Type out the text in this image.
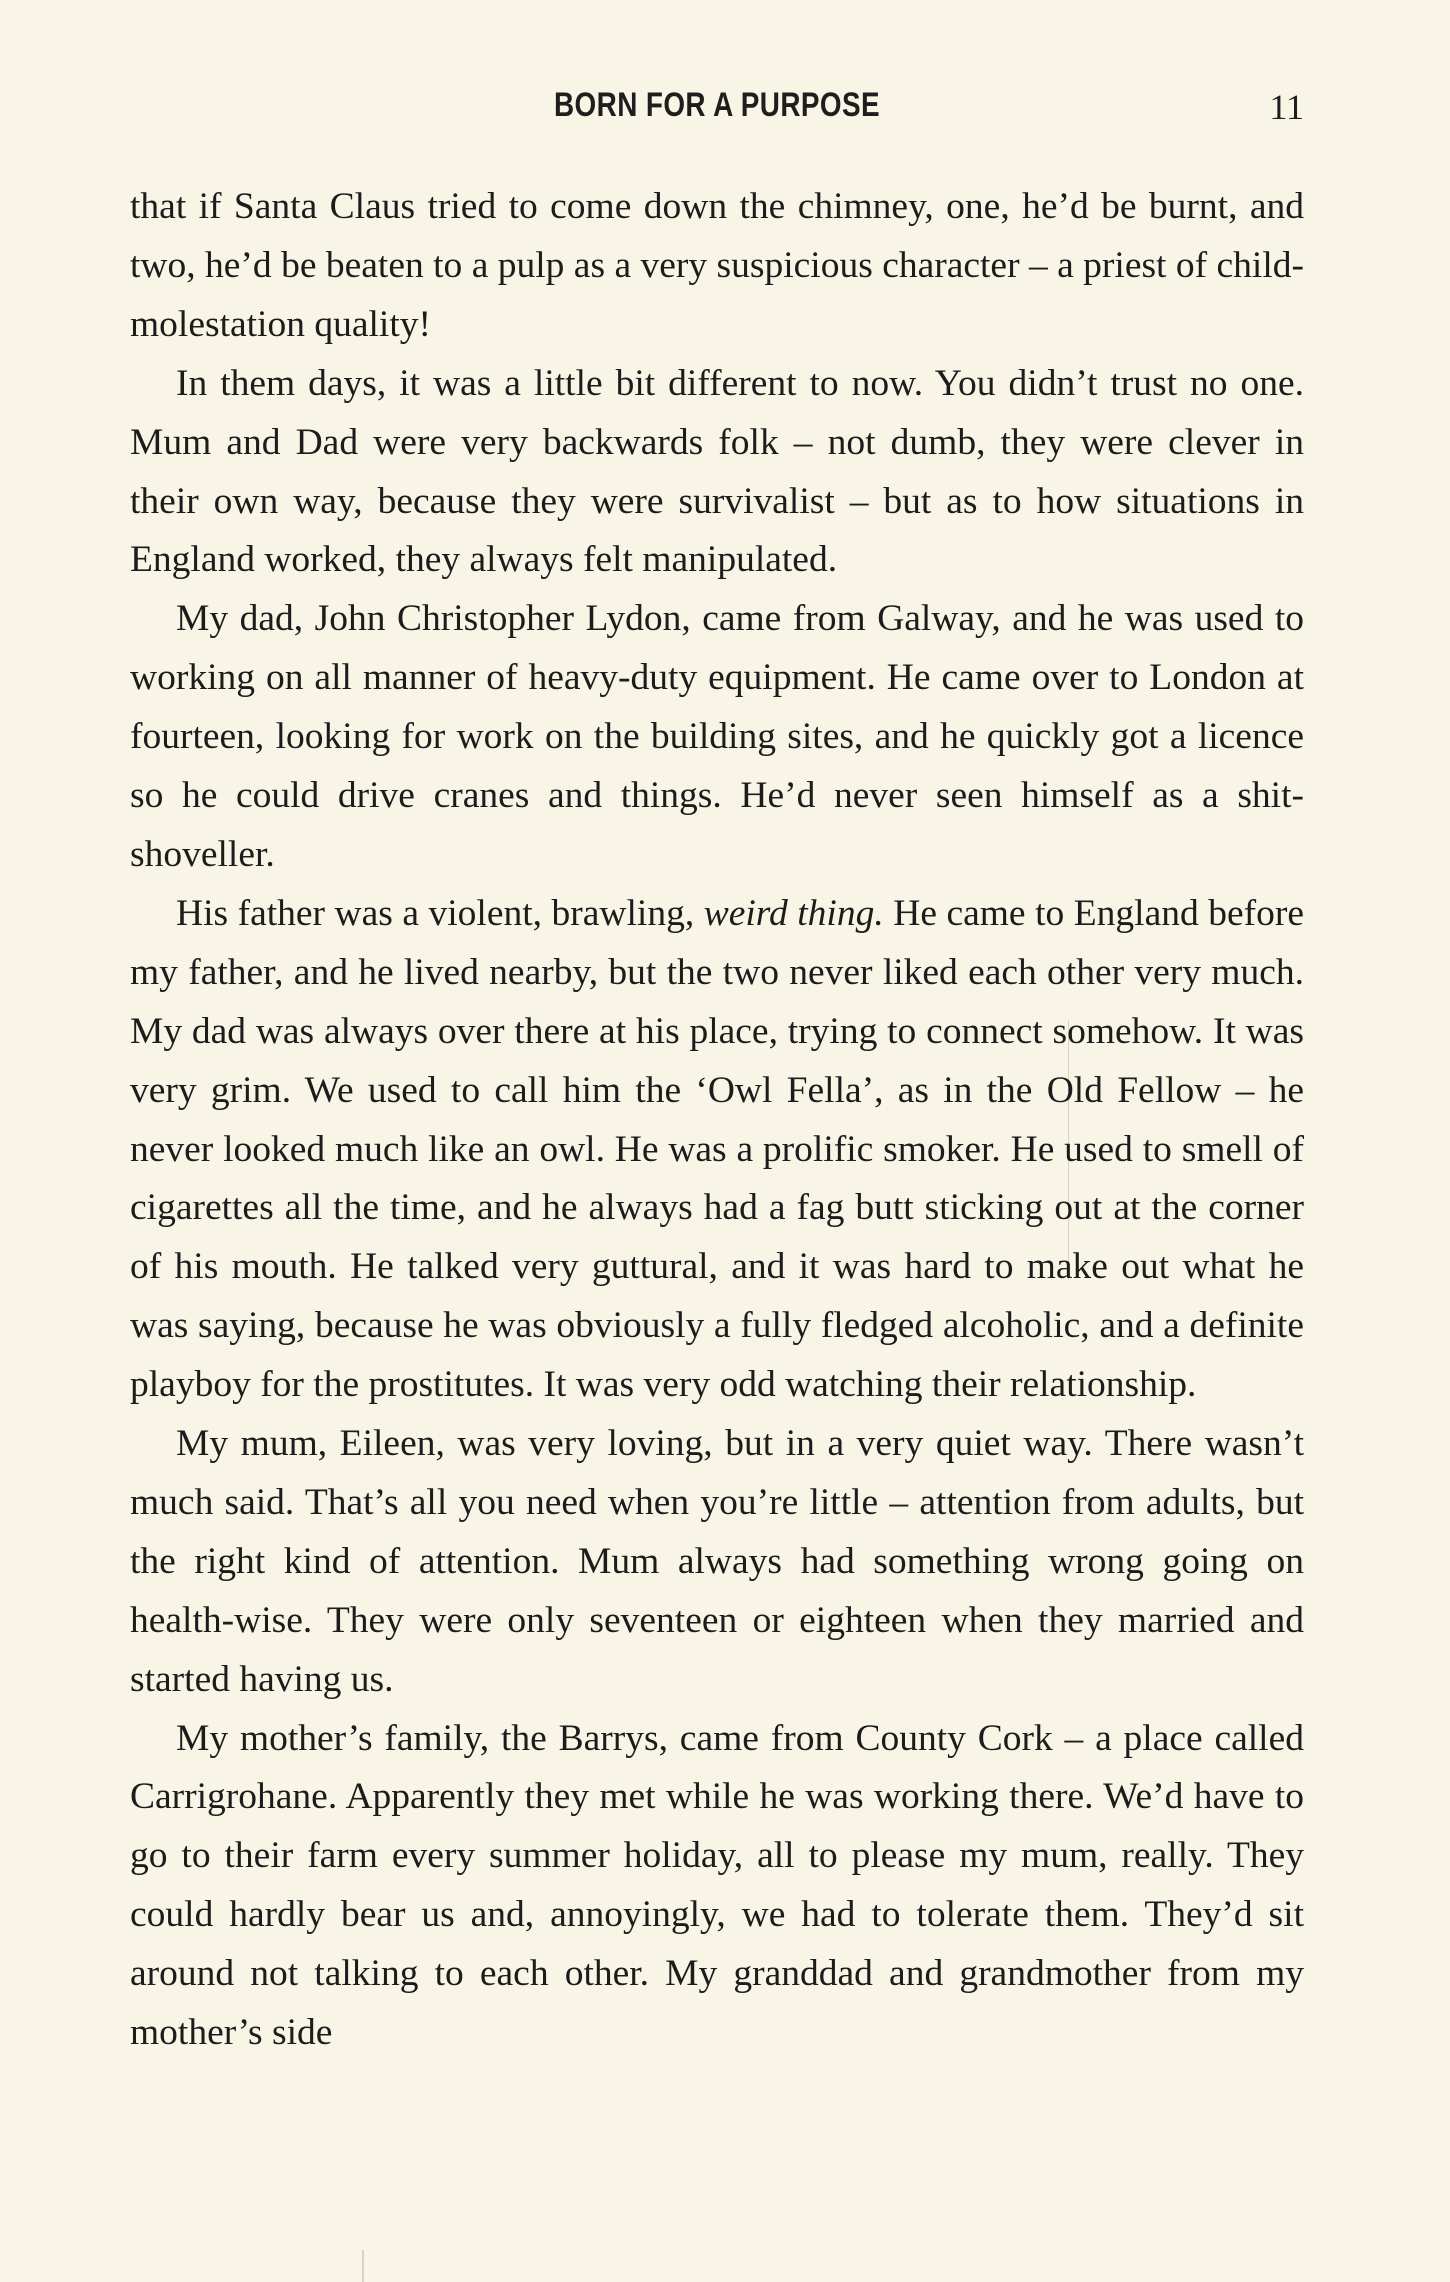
BORN FOR A PURPOSE	11

that if Santa Claus tried to come down the chimney, one, he’d be burnt, and two, he’d be beaten to a pulp as a very suspicious character – a priest of child-molestation quality!

In them days, it was a little bit different to now. You didn’t trust no one. Mum and Dad were very backwards folk – not dumb, they were clever in their own way, because they were survivalist – but as to how situations in England worked, they always felt manipulated.

My dad, John Christopher Lydon, came from Galway, and he was used to working on all manner of heavy-duty equipment. He came over to London at fourteen, looking for work on the building sites, and he quickly got a licence so he could drive cranes and things. He’d never seen himself as a shit-shoveller.

His father was a violent, brawling, weird thing. He came to England before my father, and he lived nearby, but the two never liked each other very much. My dad was always over there at his place, trying to connect somehow. It was very grim. We used to call him the ‘Owl Fella’, as in the Old Fellow – he never looked much like an owl. He was a prolific smoker. He used to smell of cigarettes all the time, and he always had a fag butt sticking out at the corner of his mouth. He talked very guttural, and it was hard to make out what he was saying, because he was obviously a fully fledged alcoholic, and a definite playboy for the prostitutes. It was very odd watching their relationship.

My mum, Eileen, was very loving, but in a very quiet way. There wasn’t much said. That’s all you need when you’re little – attention from adults, but the right kind of attention. Mum always had something wrong going on health-wise. They were only seventeen or eighteen when they married and started having us.

My mother’s family, the Barrys, came from County Cork – a place called Carrigrohane. Apparently they met while he was working there. We’d have to go to their farm every summer holiday, all to please my mum, really. They could hardly bear us and, annoyingly, we had to tolerate them. They’d sit around not talking to each other. My granddad and grandmother from my mother’s side
